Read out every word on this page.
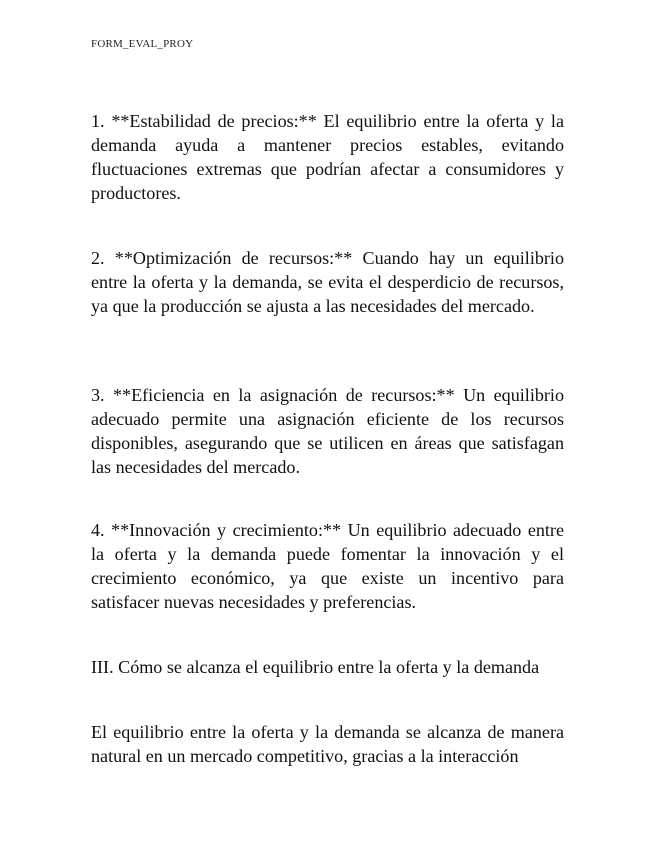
FORM_EVAL_PROY

1. **Estabilidad de precios:** El equilibrio entre la oferta y la demanda ayuda a mantener precios estables, evitando fluctuaciones extremas que podrían afectar a consumidores y productores.

2. **Optimización de recursos:** Cuando hay un equilibrio entre la oferta y la demanda, se evita el desperdicio de recursos, ya que la producción se ajusta a las necesidades del mercado.

3. **Eficiencia en la asignación de recursos:** Un equilibrio adecuado permite una asignación eficiente de los recursos disponibles, asegurando que se utilicen en áreas que satisfagan las necesidades del mercado.

4. **Innovación y crecimiento:** Un equilibrio adecuado entre la oferta y la demanda puede fomentar la innovación y el crecimiento económico, ya que existe un incentivo para satisfacer nuevas necesidades y preferencias.

III. Cómo se alcanza el equilibrio entre la oferta y la demanda

El equilibrio entre la oferta y la demanda se alcanza de manera natural en un mercado competitivo, gracias a la interacción
